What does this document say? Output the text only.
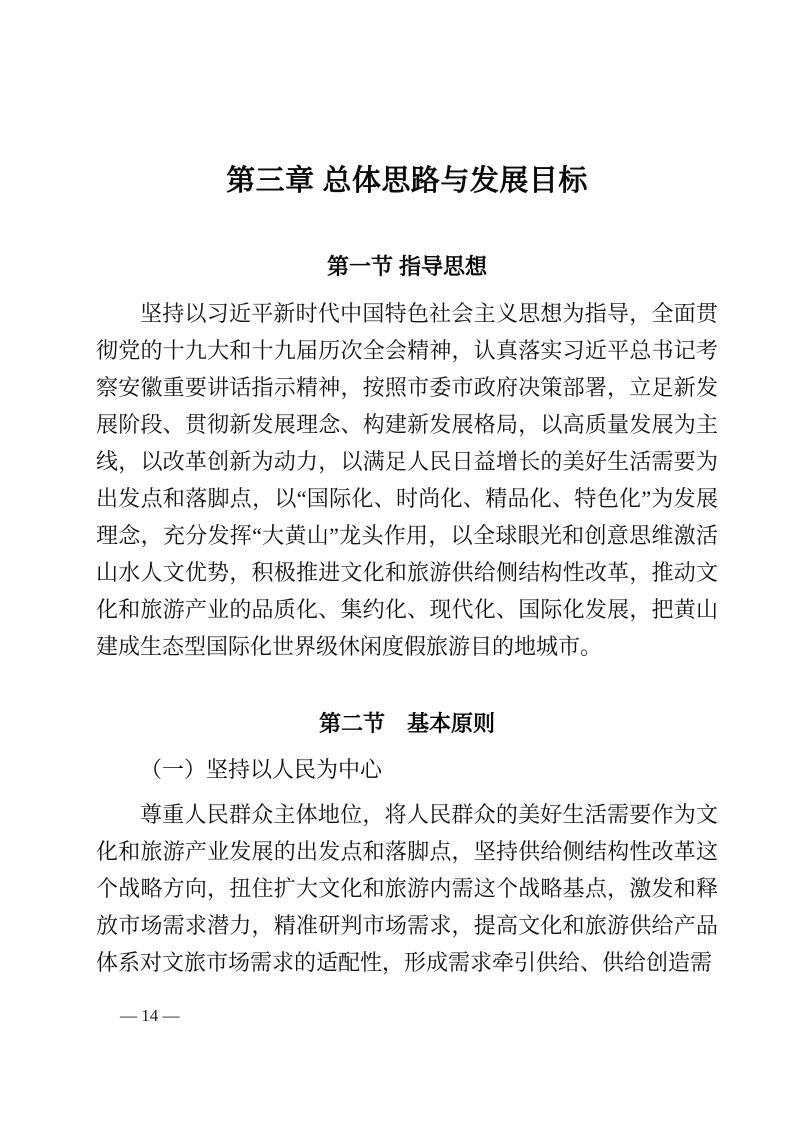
第三章 总体思路与发展目标
第一节 指导思想

坚持以习近平新时代中国特色社会主义思想为指导，全面贯彻党的十九大和十九届历次全会精神，认真落实习近平总书记考察安徽重要讲话指示精神，按照市委市政府决策部署，立足新发展阶段、贯彻新发展理念、构建新发展格局，以高质量发展为主线，以改革创新为动力，以满足人民日益增长的美好生活需要为出发点和落脚点，以“国际化、时尚化、精品化、特色化”为发展理念，充分发挥“大黄山”龙头作用，以全球眼光和创意思维激活山水人文优势，积极推进文化和旅游供给侧结构性改革，推动文化和旅游产业的品质化、集约化、现代化、国际化发展，把黄山建成生态型国际化世界级休闲度假旅游目的地城市。

第二节　基本原则
（一）坚持以人民为中心

尊重人民群众主体地位，将人民群众的美好生活需要作为文化和旅游产业发展的出发点和落脚点，坚持供给侧结构性改革这个战略方向，扭住扩大文化和旅游内需这个战略基点，激发和释放市场需求潜力，精准研判市场需求，提高文化和旅游供给产品体系对文旅市场需求的适配性，形成需求牵引供给、供给创造需

— 14 —
